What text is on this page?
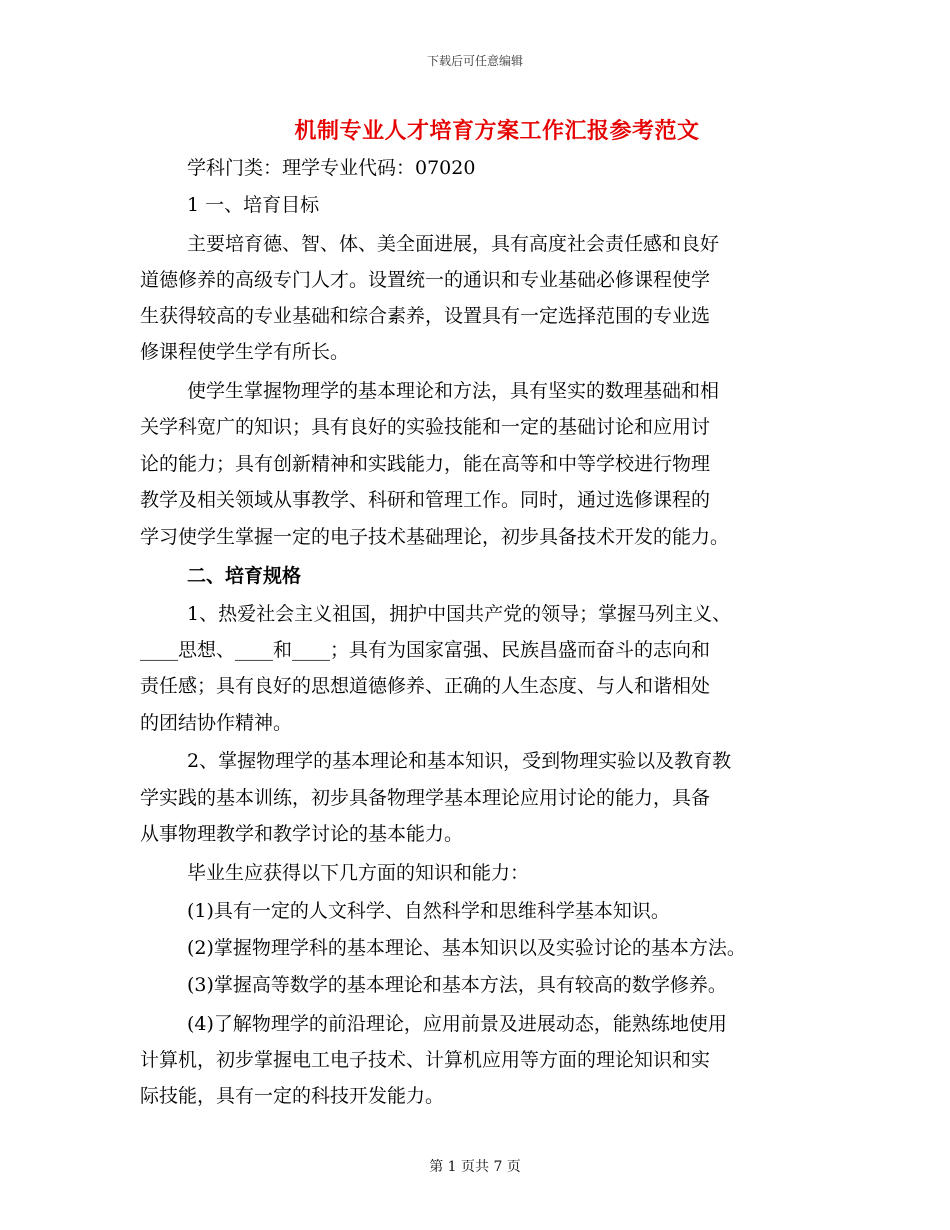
下载后可任意编辑
机制专业人才培育方案工作汇报参考范文
学科门类：理学专业代码：07020
1 一、培育目标
主要培育德、智、体、美全面进展，具有高度社会责任感和良好
道德修养的高级专门人才。设置统一的通识和专业基础必修课程使学
生获得较高的专业基础和综合素养，设置具有一定选择范围的专业选
修课程使学生学有所长。
使学生掌握物理学的基本理论和方法，具有坚实的数理基础和相
关学科宽广的知识；具有良好的实验技能和一定的基础讨论和应用讨
论的能力；具有创新精神和实践能力，能在高等和中等学校进行物理
教学及相关领域从事教学、科研和管理工作。同时，通过选修课程的
学习使学生掌握一定的电子技术基础理论，初步具备技术开发的能力。
二、培育规格
1、热爱社会主义祖国，拥护中国共产党的领导；掌握马列主义、
____思想、____和____；具有为国家富强、民族昌盛而奋斗的志向和
责任感；具有良好的思想道德修养、正确的人生态度、与人和谐相处
的团结协作精神。
2、掌握物理学的基本理论和基本知识，受到物理实验以及教育教
学实践的基本训练，初步具备物理学基本理论应用讨论的能力，具备
从事物理教学和教学讨论的基本能力。
毕业生应获得以下几方面的知识和能力：
(1)具有一定的人文科学、自然科学和思维科学基本知识。
(2)掌握物理学科的基本理论、基本知识以及实验讨论的基本方法。
(3)掌握高等数学的基本理论和基本方法，具有较高的数学修养。
(4)了解物理学的前沿理论，应用前景及进展动态，能熟练地使用
计算机，初步掌握电工电子技术、计算机应用等方面的理论知识和实
际技能，具有一定的科技开发能力。
第 1 页共 7 页
